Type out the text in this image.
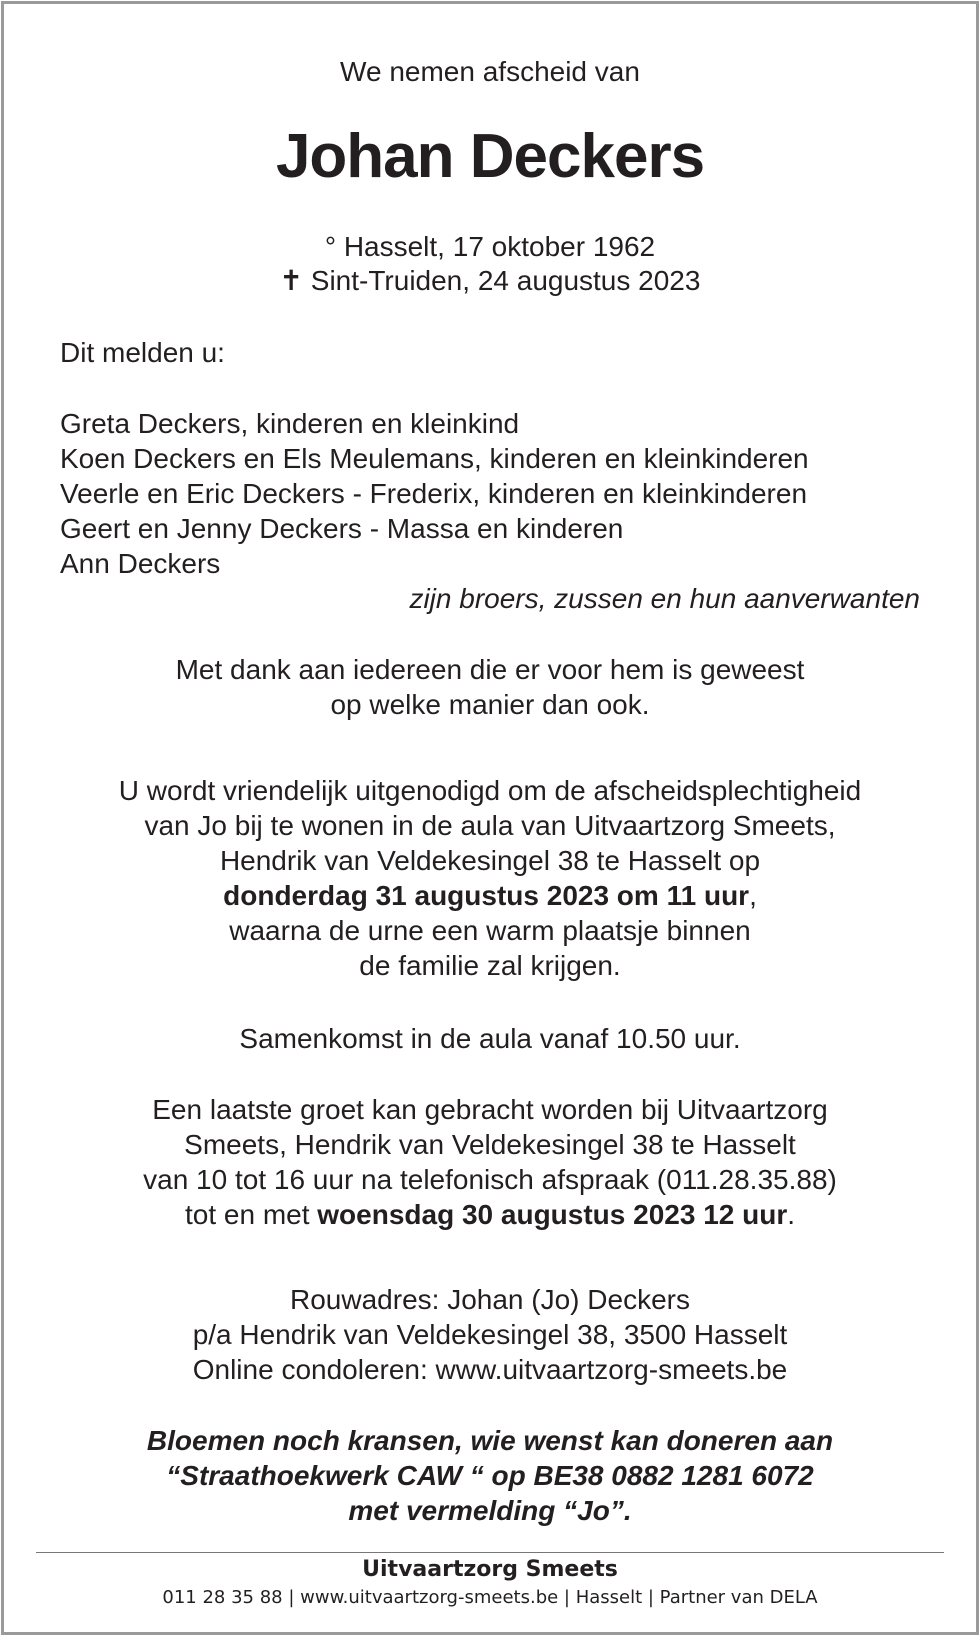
We nemen afscheid van
Johan Deckers
° Hasselt, 17 oktober 1962
✝ Sint-Truiden, 24 augustus 2023
Dit melden u:
Greta Deckers, kinderen en kleinkind
Koen Deckers en Els Meulemans, kinderen en kleinkinderen
Veerle en Eric Deckers - Frederix, kinderen en kleinkinderen
Geert en Jenny Deckers - Massa en kinderen
Ann Deckers
zijn broers, zussen en hun aanverwanten
Met dank aan iedereen die er voor hem is geweest
op welke manier dan ook.
U wordt vriendelijk uitgenodigd om de afscheidsplechtigheid
van Jo bij te wonen in de aula van Uitvaartzorg Smeets,
Hendrik van Veldekesingel 38 te Hasselt op
donderdag 31 augustus 2023 om 11 uur,
waarna de urne een warm plaatsje binnen
de familie zal krijgen.
Samenkomst in de aula vanaf 10.50 uur.
Een laatste groet kan gebracht worden bij Uitvaartzorg
Smeets, Hendrik van Veldekesingel 38 te Hasselt
van 10 tot 16 uur na telefonisch afspraak (011.28.35.88)
tot en met woensdag 30 augustus 2023 12 uur.
Rouwadres: Johan (Jo) Deckers
p/a Hendrik van Veldekesingel 38, 3500 Hasselt
Online condoleren: www.uitvaartzorg-smeets.be
Bloemen noch kransen, wie wenst kan doneren aan
“Straathoekwerk CAW “ op BE38 0882 1281 6072
met vermelding “Jo”.
Uitvaartzorg Smeets
011 28 35 88 | www.uitvaartzorg-smeets.be | Hasselt | Partner van DELA
